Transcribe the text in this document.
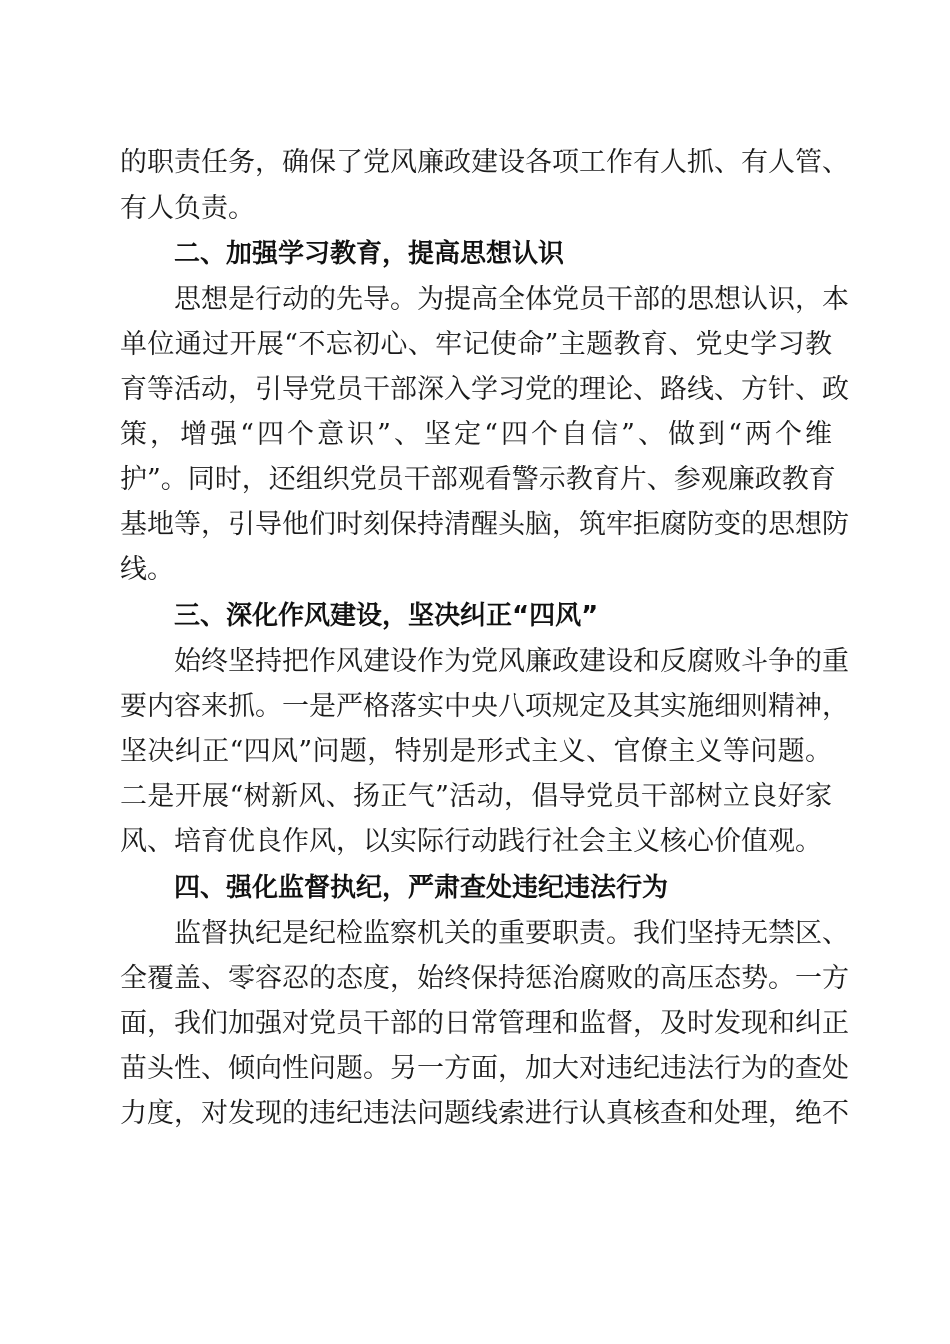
的职责任务，确保了党风廉政建设各项工作有人抓、有人管、
有人负责。
二、加强学习教育，提高思想认识
思想是行动的先导。为提高全体党员干部的思想认识，本
单位通过开展“不忘初心、牢记使命”主题教育、党史学习教
育等活动，引导党员干部深入学习党的理论、路线、方针、政
策，增强“四个意识”、坚定“四个自信”、做到“两个维
护”。同时，还组织党员干部观看警示教育片、参观廉政教育
基地等，引导他们时刻保持清醒头脑，筑牢拒腐防变的思想防
线。
三、深化作风建设，坚决纠正“四风”
始终坚持把作风建设作为党风廉政建设和反腐败斗争的重
要内容来抓。一是严格落实中央八项规定及其实施细则精神，
坚决纠正“四风”问题，特别是形式主义、官僚主义等问题。
二是开展“树新风、扬正气”活动，倡导党员干部树立良好家
风、培育优良作风，以实际行动践行社会主义核心价值观。
四、强化监督执纪，严肃查处违纪违法行为
监督执纪是纪检监察机关的重要职责。我们坚持无禁区、
全覆盖、零容忍的态度，始终保持惩治腐败的高压态势。一方
面，我们加强对党员干部的日常管理和监督，及时发现和纠正
苗头性、倾向性问题。另一方面，加大对违纪违法行为的查处
力度，对发现的违纪违法问题线索进行认真核查和处理，绝不
